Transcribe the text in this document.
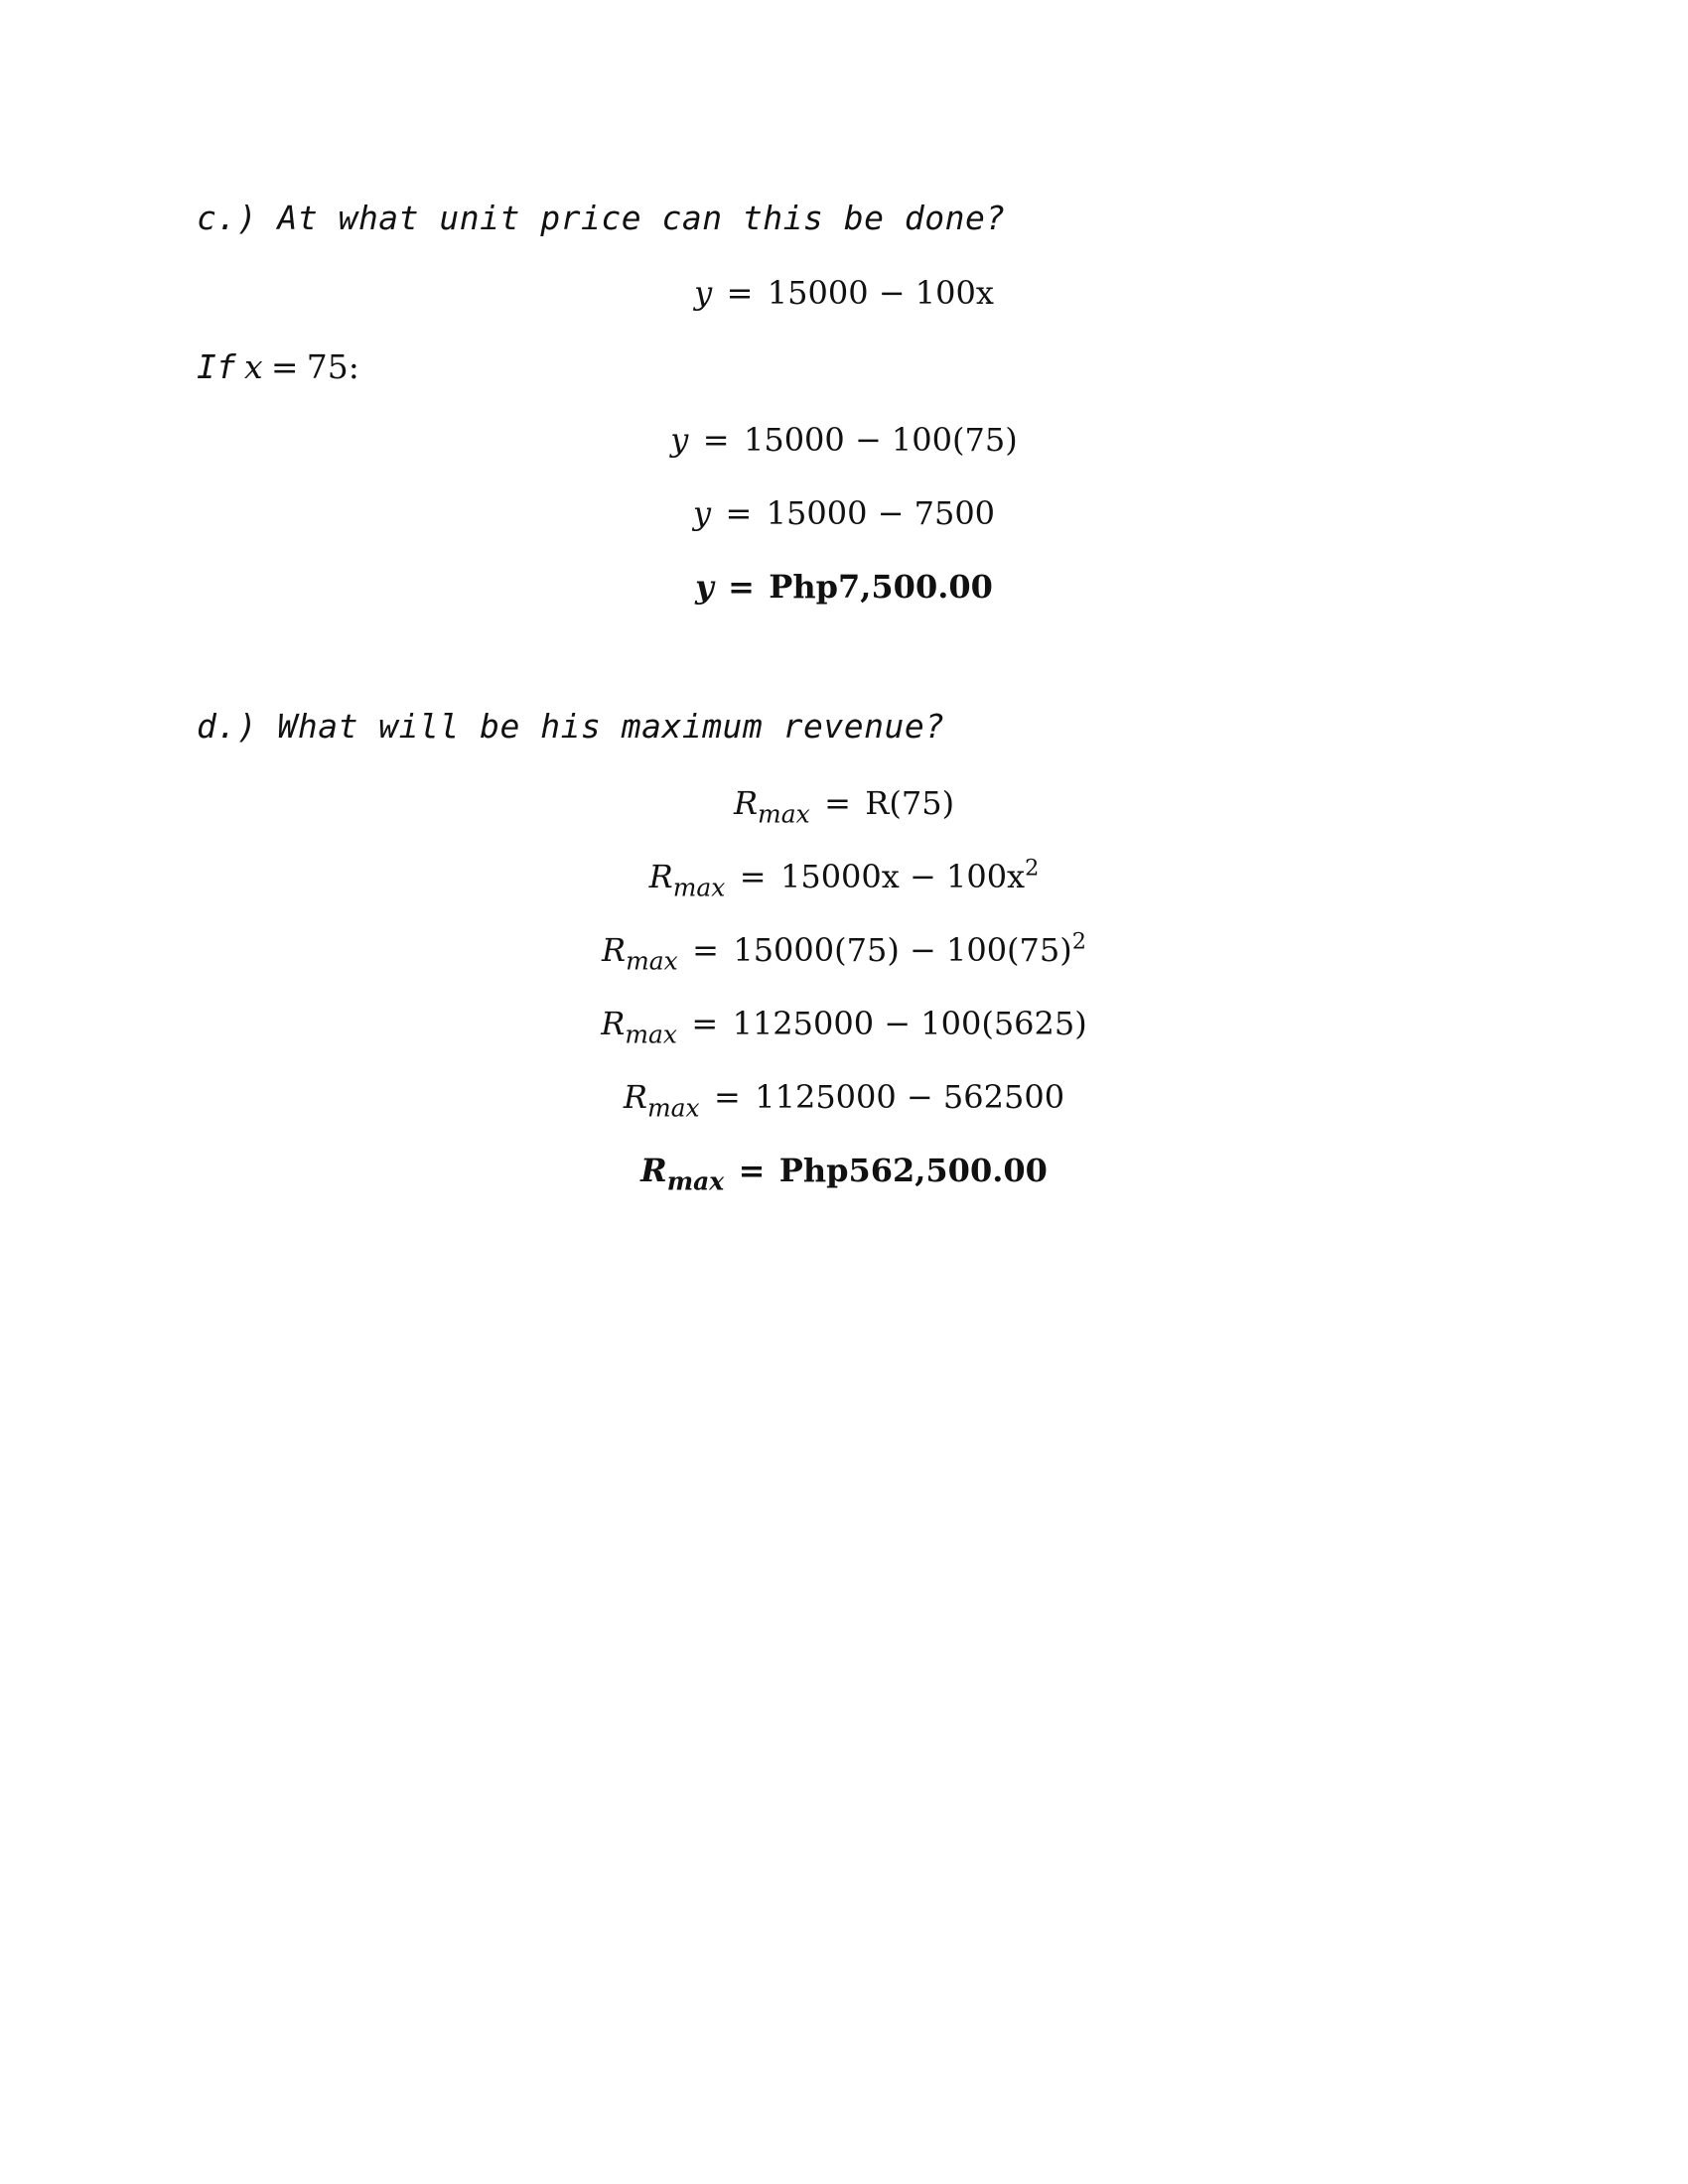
c.) At what unit price can this be done?
y = 15000 − 100x
If x = 75:
y = 15000 − 100(75)
y = 15000 − 7500
y = Php7,500.00
d.) What will be his maximum revenue?
$R_{max} = R(75)$
$R_{max} = 15000x - 100x^2$
$R_{max} = 15000(75) - 100(75)^2$
$R_{max} = 1125000 - 100(5625)$
$R_{max} = 1125000 - 562500$
$R_{max} = Php562,500.00$
